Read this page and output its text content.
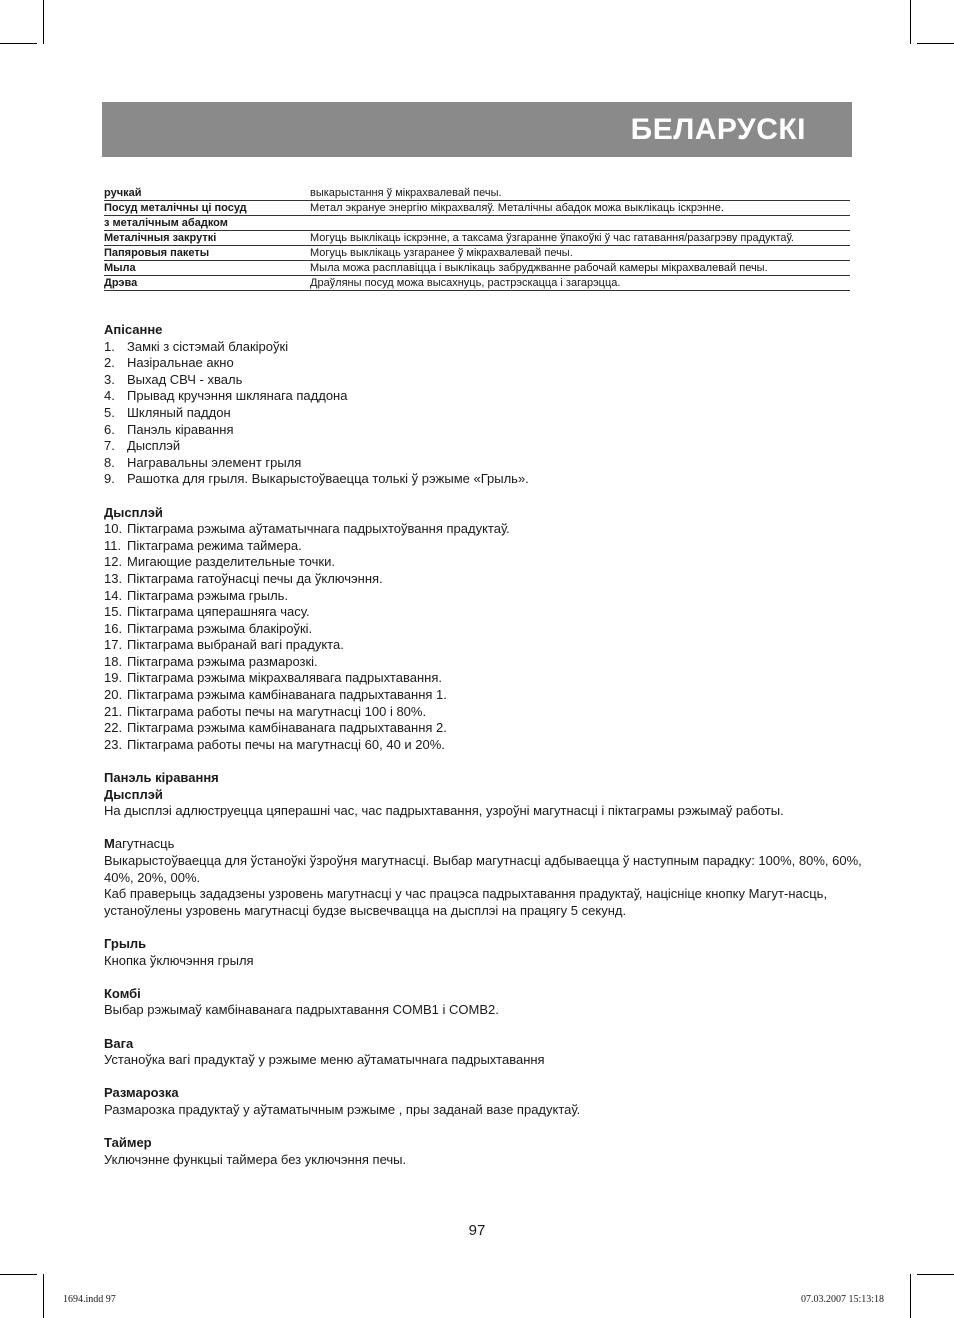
БЕЛАРУСКІ
ручкай	выкарыстання ў мікрахвалевай печы.
Посуд металічны ці посуд	Метал экрануе энергію мікрахваляў. Металічны абадок можа выклікаць іскрэнне.
з металічным абадком
Металічныя закруткі	Могуць выклікаць іскрэнне, а таксама ўзгаранне ўпакоўкі ў час гатавання/разагрэву прадуктаў.
Папяровыя пакеты	Могуць выклікаць узгаранее ў мікрахвалевай печы.
Мыла	Мыла можа расплавіцца і выклікаць забруджванне рабочай камеры мікрахвалевай печы.
Дрэва	Драўляны посуд можа высахнуць, растрэскацца і загарэцца.

Апісанне

1. Замкі з сістэмай блакіроўкі
2. Назіральнае акно
3. Выхад СВЧ - хваль
4. Прывад кручэння шклянага паддона
5. Шкляный паддон
6. Панэль кіравання
7. Дысплэй
8. Награвальны элемент грыля
9. Рашотка для грыля. Выкарыстоўваецца толькі ў рэжыме «Грыль».

Дысплэй

10. Піктаграма рэжыма аўтаматычнага падрыхтоўвання прадуктаў.
11. Піктаграма режима таймера.
12. Мигающие разделительные точки.
13. Піктаграма гатоўнасці печы да ўключэння.
14. Піктаграма рэжыма грыль.
15. Піктаграма цяперашняга часу.
16. Піктаграма рэжыма блакіроўкі.
17. Піктаграма выбранай вагі прадукта.
18. Піктаграма рэжыма размарозкі.
19. Піктаграма рэжыма мікрахвалявага падрыхтавання.
20. Піктаграма рэжыма камбінаванага падрыхтавання 1.
21. Піктаграма работы печы на магутнасці 100 і 80%.
22. Піктаграма рэжыма камбінаванага падрыхтавання 2.
23. Піктаграма работы печы на магутнасці 60, 40 и 20%.

Панэль кіравання

Дысплэй

На дысплэі адлюструецца цяперашні час, час падрыхтавання, узроўні магутнасці і піктаграмы рэжымаў работы.

Магутнасць

Выкарыстоўваецца для ўстаноўкі ўзроўня магутнасці. Выбар магутнасці адбываецца ў наступным парадку: 100%, 80%, 60%, 40%, 20%, 00%.

Каб праверыць зададзены узровень магутнасці у час працэса падрыхтавання прадуктаў, націсніце кнопку Магут-насць, устаноўлены узровень магутнасці будзе высвечвацца на дысплэі на працягу 5 секунд.

Грыль

Кнопка ўключэння грыля

Комбі

Выбар рэжымаў камбінаванага падрыхтавання COMB1 і COMB2.

Вага

Устаноўка вагі прадуктаў у рэжыме меню аўтаматычнага падрыхтавання

Размарозка

Размарозка прадуктаў у аўтаматычным рэжыме , пры заданай вазе прадуктаў.

Таймер

Уключэнне функцыі таймера без уключэння печы.

97
1694.indd 97	07.03.2007 15:13:18
